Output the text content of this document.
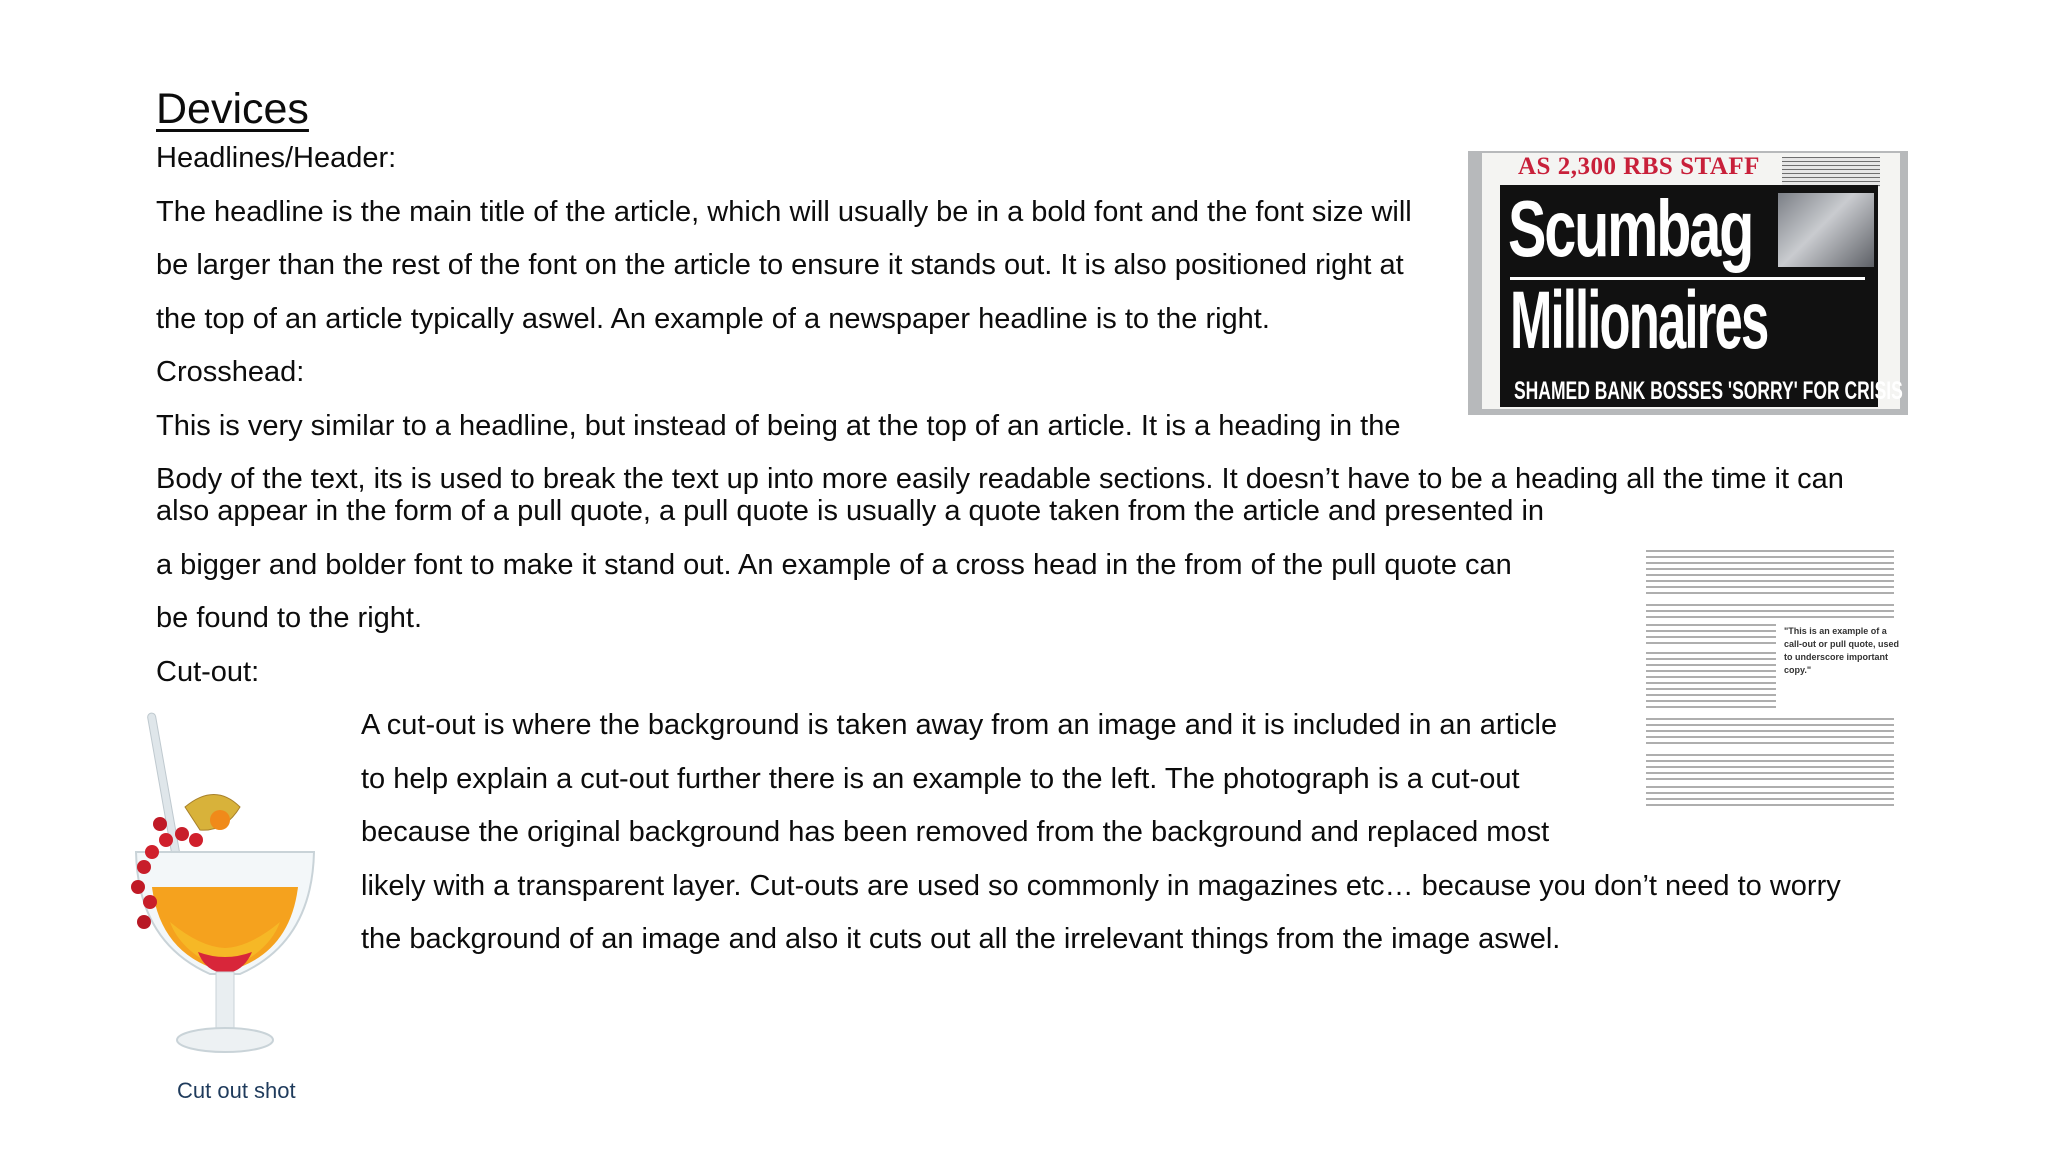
Devices

Headlines/Header:

The headline is the main title of the article, which will usually be in a bold font and the font size will

be larger than the rest of the font on the article to ensure it stands out. It is also positioned right at

the top of an article typically aswel. An example of a newspaper headline is to the right.

Crosshead:

This is very similar to a headline, but instead of being at the top of an article. It is a heading in the

Body of the text, its is used to break the text up into more easily readable sections. It doesn’t have to be a heading all the time it can

also appear in the form of a pull quote, a pull quote is usually a quote taken from the article and presented in

a bigger and bolder font to make it stand out. An example of a cross head in the from of the pull quote can

be found to the right.

Cut-out:

A cut-out is where the background is taken away from an image and it is included in an article

to help explain a cut-out further there is an example to the left. The photograph is a cut-out

because the original background has been removed from the background and replaced most

likely with a transparent layer. Cut-outs are used so commonly in magazines etc… because you don’t need to worry

the background of an image and also it cuts out all the irrelevant things from the image aswel.

AS 2,300 RBS STAFF
Scumbag
Millionaires
SHAMED BANK BOSSES 'SORRY' FOR CRISIS
"This is an example of a call-out or pull quote, used to underscore important copy."
Cut out shot
